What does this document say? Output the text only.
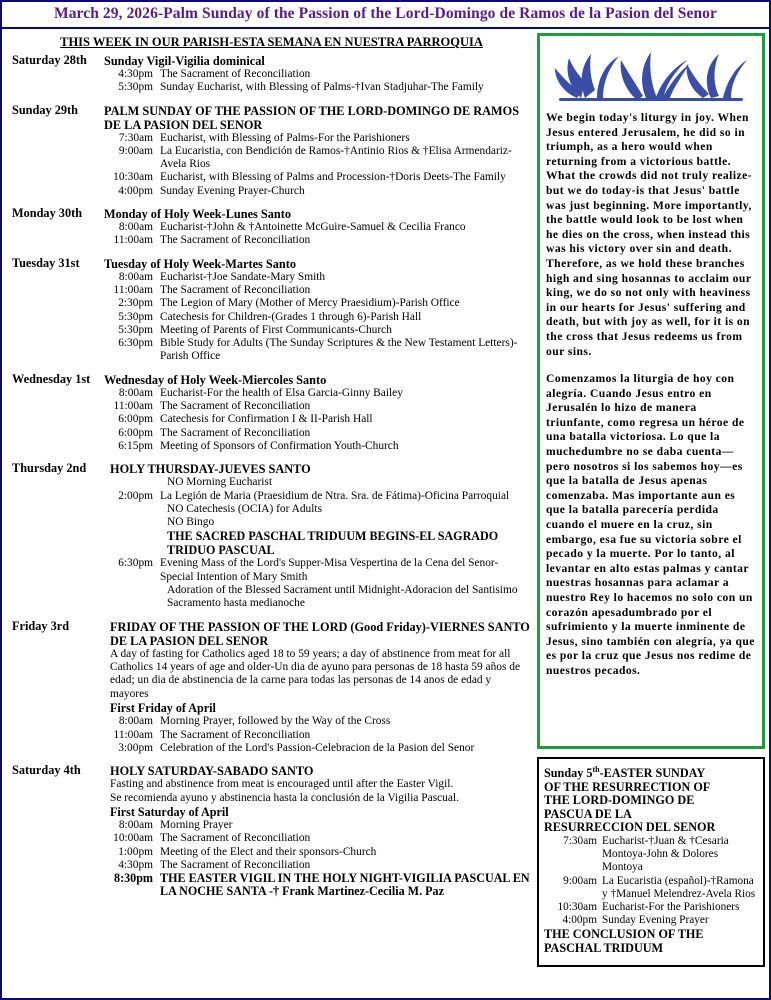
March 29, 2026-Palm Sunday of the Passion of the Lord-Domingo de Ramos de la Pasion del Senor
THIS WEEK IN OUR PARISH-ESTA SEMANA EN NUESTRA PARROQUIA
Saturday 28th	Sunday Vigil-Vigilia dominical
4:30pm The Sacrament of Reconciliation
5:30pm Sunday Eucharist, with Blessing of Palms-†Ivan Stadjuhar-The Family
Sunday 29th	PALM SUNDAY OF THE PASSION OF THE LORD-DOMINGO DE RAMOS DE LA PASION DEL SENOR
7:30am Eucharist, with Blessing of Palms-For the Parishioners
9:00am La Eucaristia, con Bendición de Ramos-†Antinio Rios & †Elisa Armendariz-Avela Rios
10:30am Eucharist, with Blessing of Palms and Procession-†Doris Deets-The Family
4:00pm Sunday Evening Prayer-Church
Monday 30th	Monday of Holy Week-Lunes Santo
8:00am Eucharist-†John & †Antoinette McGuire-Samuel & Cecilia Franco
11:00am The Sacrament of Reconciliation
Tuesday 31st	Tuesday of Holy Week-Martes Santo
8:00am Eucharist-†Joe Sandate-Mary Smith
11:00am The Sacrament of Reconciliation
2:30pm The Legion of Mary (Mother of Mercy Praesidium)-Parish Office
5:30pm Catechesis for Children-(Grades 1 through 6)-Parish Hall
5:30pm Meeting of Parents of First Communicants-Church
6:30pm Bible Study for Adults (The Sunday Scriptures & the New Testament Letters)-Parish Office
Wednesday 1st	Wednesday of Holy Week-Miercoles Santo
8:00am Eucharist-For the health of Elsa Garcia-Ginny Bailey
11:00am The Sacrament of Reconciliation
6:00pm Catechesis for Confirmation I & II-Parish Hall
6:00pm The Sacrament of Reconciliation
6:15pm Meeting of Sponsors of Confirmation Youth-Church
Thursday 2nd	HOLY THURSDAY-JUEVES SANTO
NO Morning Eucharist
2:00pm La Legión de Maria (Praesidium de Ntra. Sra. de Fátima)-Oficina Parroquial
NO Catechesis (OCIA) for Adults
NO Bingo
THE SACRED PASCHAL TRIDUUM BEGINS-EL SAGRADO TRIDUO PASCUAL
6:30pm Evening Mass of the Lord's Supper-Misa Vespertina de la Cena del Senor-Special Intention of Mary Smith
Adoration of the Blessed Sacrament until Midnight-Adoracion del Santisimo Sacramento hasta medianoche
Friday 3rd	FRIDAY OF THE PASSION OF THE LORD (Good Friday)-VIERNES SANTO DE LA PASION DEL SENOR
A day of fasting for Catholics aged 18 to 59 years; a day of abstinence from meat for all Catholics 14 years of age and older-Un dia de ayuno para personas de 18 hasta 59 años de edad; un dia de abstinencia de la carne para todas las personas de 14 anos de edad y mayores
First Friday of April
8:00am Morning Prayer, followed by the Way of the Cross
11:00am The Sacrament of Reconciliation
3:00pm Celebration of the Lord's Passion-Celebracion de la Pasion del Senor
Saturday 4th	HOLY SATURDAY-SABADO SANTO
Fasting and abstinence from meat is encouraged until after the Easter Vigil.
Se recomienda ayuno y abstinencia hasta la conclusión de la Vigilia Pascual.
First Saturday of April
8:00am Morning Prayer
10:00am The Sacrament of Reconciliation
1:00pm Meeting of the Elect and their sponsors-Church
4:30pm The Sacrament of Reconciliation
8:30pm THE EASTER VIGIL IN THE HOLY NIGHT-VIGILIA PASCUAL EN LA NOCHE SANTA -† Frank Martinez-Cecilia M. Paz
We begin today's liturgy in joy. When Jesus entered Jerusalem, he did so in triumph, as a hero would when returning from a victorious battle. What the crowds did not truly realize-but we do today-is that Jesus' battle was just beginning. More importantly, the battle would look to be lost when he dies on the cross, when instead this was his victory over sin and death. Therefore, as we hold these branches high and sing hosannas to acclaim our king, we do so not only with heaviness in our hearts for Jesus' suffering and death, but with joy as well, for it is on the cross that Jesus redeems us from our sins.
Comenzamos la liturgia de hoy con alegría. Cuando Jesus entro en Jerusalén lo hizo de manera triunfante, como regresa un héroe de una batalla victoriosa. Lo que la muchedumbre no se daba cuenta—pero nosotros si los sabemos hoy—es que la batalla de Jesus apenas comenzaba. Mas importante aun es que la batalla parecería perdida cuando el muere en la cruz, sin embargo, esa fue su victoria sobre el pecado y la muerte. Por lo tanto, al levantar en alto estas palmas y cantar nuestras hosannas para aclamar a nuestro Rey lo hacemos no solo con un corazón apesadumbrado por el sufrimiento y la muerte inminente de Jesus, sino también con alegría, ya que es por la cruz que Jesus nos redime de nuestros pecados.
Sunday 5th-EASTER SUNDAY
OF THE RESURRECTION OF
THE LORD-DOMINGO DE
PASCUA DE LA
RESURRECCION DEL SENOR
7:30am Eucharist-†Juan & †Cesaria Montoya-John & Dolores Montoya
9:00am La Eucaristia (español)-†Ramona y †Manuel Melendrez-Avela Rios
10:30am Eucharist-For the Parishioners
4:00pm Sunday Evening Prayer
THE CONCLUSION OF THE
PASCHAL TRIDUUM
